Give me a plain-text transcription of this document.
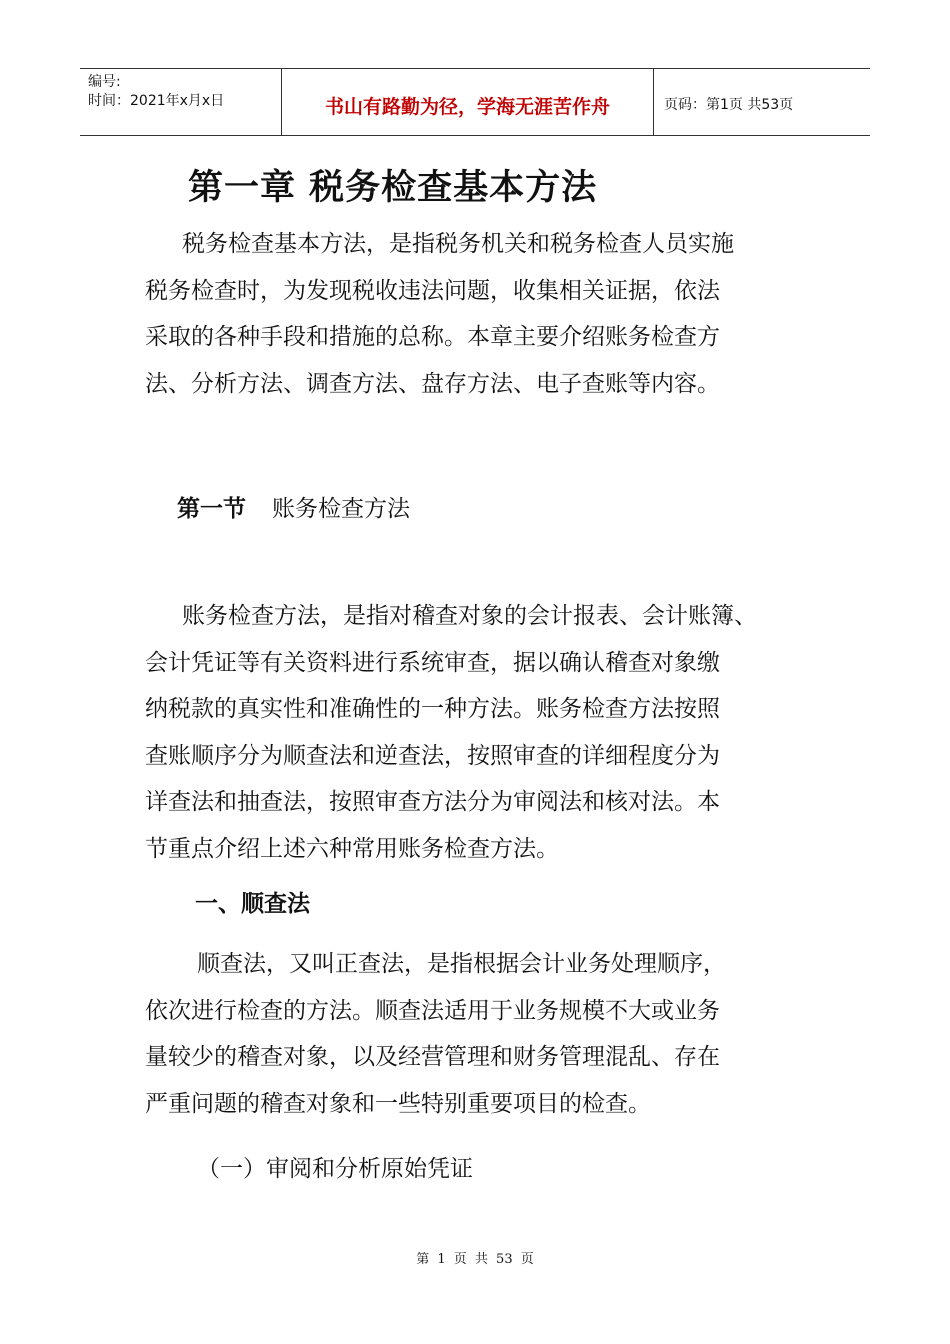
编号:
时间：2021年x月x日	书山有路勤为径，学海无涯苦作舟	页码：第1页 共53页
第一章 税务检查基本方法
税务检查基本方法，是指税务机关和税务检查人员实施
税务检查时，为发现税收违法问题，收集相关证据，依法
采取的各种手段和措施的总称。本章主要介绍账务检查方
法、分析方法、调查方法、盘存方法、电子查账等内容。
第一节 账务检查方法
账务检查方法，是指对稽查对象的会计报表、会计账簿、
会计凭证等有关资料进行系统审查，据以确认稽查对象缴
纳税款的真实性和准确性的一种方法。账务检查方法按照
查账顺序分为顺查法和逆查法，按照审查的详细程度分为
详查法和抽查法，按照审查方法分为审阅法和核对法。本
节重点介绍上述六种常用账务检查方法。
一、顺查法
顺查法，又叫正查法，是指根据会计业务处理顺序，
依次进行检查的方法。顺查法适用于业务规模不大或业务
量较少的稽查对象，以及经营管理和财务管理混乱、存在
严重问题的稽查对象和一些特别重要项目的检查。
（一）审阅和分析原始凭证
第 1 页 共 53 页
